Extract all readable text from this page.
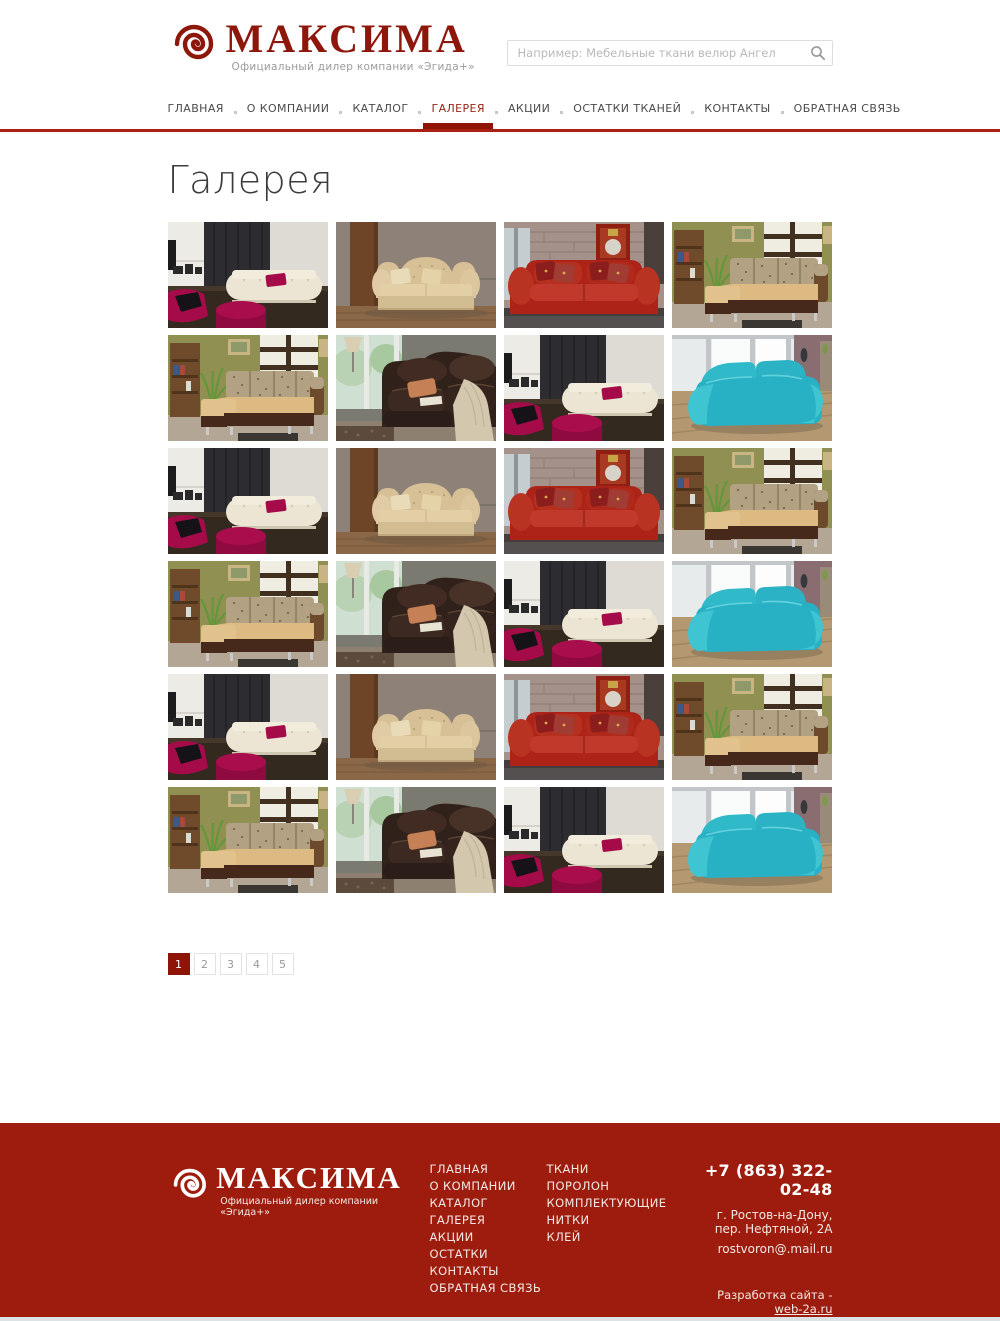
МАКСИМА
Официальный дилер компании «Эгида+»
Например: Мебельные ткани велюр Ангел
ГЛАВНАЯ О КОМПАНИИ КАТАЛОГ ГАЛЕРЕЯ АКЦИИ ОСТАТКИ ТКАНЕЙ КОНТАКТЫ ОБРАТНАЯ СВЯЗЬ
Галерея
1	2	3	4	5
МАКСИМА
Официальный дилер компании «Эгида+»
ГЛАВНАЯ
О КОМПАНИИ
КАТАЛОГ
ГАЛЕРЕЯ
АКЦИИ
ОСТАТКИ
КОНТАКТЫ
ОБРАТНАЯ СВЯЗЬ
ТКАНИ
ПОРОЛОН
КОМПЛЕКТУЮЩИЕ
НИТКИ
КЛЕЙ
+7 (863) 322-02-48
г. Ростов-на-Дону, пер. Нефтяной, 2А
rostvoron@.mail.ru
Разработка сайта - web-2a.ru
